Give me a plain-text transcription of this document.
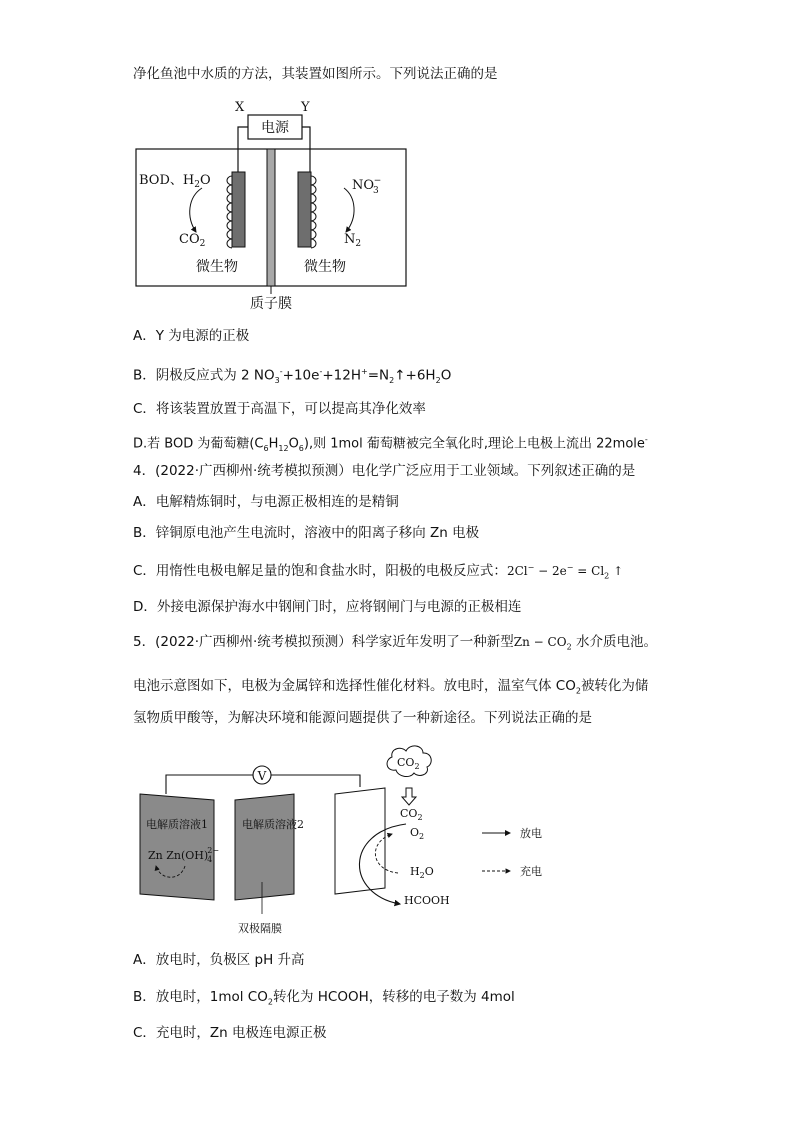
净化鱼池中水质的方法，其装置如图所示。下列说法正确的是
电源
X	Y
BOD、$H_2O$
$CO_2$
NO3−
$N_2$
微生物	微生物
质子膜
A．Y 为电源的正极
B．阴极反应式为 2 $NO_3^-+10e^-+12H^+=N_2↑+6H_2O$
C．将该装置放置于高温下，可以提高其净化效率
D.若 BOD 为葡萄糖$(C_6H_{12}O_6)$,则 1mol 葡萄糖被完全氧化时,理论上电极上流出 22mole-
4．(2022·广西柳州·统考模拟预测）电化学广泛应用于工业领域。下列叙述正确的是
A．电解精炼铜时，与电源正极相连的是精铜
B．锌铜原电池产生电流时，溶液中的阳离子移向 Zn 电极
C．用惰性电极电解足量的饱和食盐水时，阳极的电极反应式：$2Cl^- - 2e^- = Cl_2$ ↑
D．外接电源保护海水中钢闸门时，应将钢闸门与电源的正极相连
5．(2022·广西柳州·统考模拟预测）科学家近年发明了一种新型$Zn - CO_2$ 水介质电池。
电池示意图如下，电极为金属锌和选择性催化材料。放电时，温室气体 $CO_2$被转化为储
氢物质甲酸等，为解决环境和能源问题提供了一种新途径。下列说法正确的是
V
双极隔膜
电解质溶液1	电解质溶液2
Zn Zn(OH)42−
$CO_2$
$CO_2$
$O_2$
$H_2O$
HCOOH
放电
充电
A．放电时，负极区 pH 升高
B．放电时，1mol $CO_2$转化为 HCOOH，转移的电子数为 4mol
C．充电时，Zn 电极连电源正极
